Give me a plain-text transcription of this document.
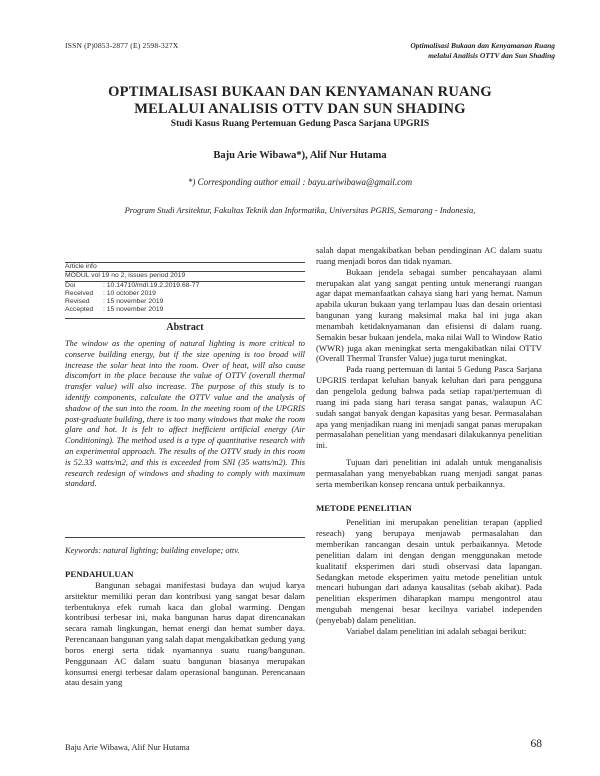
ISSN (P)0853-2877 (E) 2598-327X	Optimalisasi Bukaan dan Kenyamanan Ruang
melalui Analisis OTTV dan Sun Shading
OPTIMALISASI BUKAAN DAN KENYAMANAN RUANG
MELALUI ANALISIS OTTV DAN SUN SHADING
Studi Kasus Ruang Pertemuan Gedung Pasca Sarjana UPGRIS
Baju Arie Wibawa*), Alif Nur Hutama
*) Corresponding author email : bayu.ariwibawa@gmail.com
Program Studi Arsitektur, Fakultas Teknik dan Informatika, Universitas PGRIS, Semarang - Indonesia,
Article info
MODUL vol 19 no 2, issues period 2019
Doi	: 10.14710/mdl.19.2.2019.68-77
Received	: 10 october 2019
Revised	: 15 november 2019
Accepted	: 15 november 2019
Abstract
The window as the opening of natural lighting is more critical to conserve building energy, but if the size opening is too broad will increase the solar heat into the room. Over of heat, will also cause discomfort in the place because the value of OTTV (overall thermal transfer value) will also increase. The purpose of this study is to identify components, calculate the OTTV value and the analysis of shadow of the sun into the room. In the meeting room of the UPGRIS post-graduate building, there is too many windows that make the room glare and hot. It is felt to affect inefficient artificial energy (Air Conditioning). The method used is a type of quantitative research with an experimental approach. The results of the OTTV study in this room is 52.33 watts/m2, and this is exceeded from SNI (35 watts/m2). This research redesign of windows and shading to comply with maximum standard.
Keywords: natural lighting; building envelope; ottv.

PENDAHULUAN

Bangunan sebagai manifestasi budaya dan wujud karya arsitektur memiliki peran dan kontribusi yang sangat besar dalam terbentuknya efek rumah kaca dan global warming. Dengan kontribusi terbesar ini, maka bangunan harus dapat direncanakan secara ramah lingkungan, hemat energi dan hemat sumber daya. Perencanaan bangunan yang salah dapat mengakibatkan gedung yang boros energi serta tidak nyamannya suatu ruang/bangunan. Penggunaan AC dalam suatu bangunan biasanya merupakan konsumsi energi terbesar dalam operasional bangunan. Perencanaan atau desain yang

salah dapat mengakibatkan beban pendinginan AC dalam suatu ruang menjadi boros dan tidak nyaman.

Bukaan jendela sebagai sumber pencahayaan alami merupakan alat yang sangat penting untuk menerangi ruangan agar dapat memanfaatkan cahaya siang hari yang hemat. Namun apabila ukuran bukaan yang terlampau luas dan desain orientasi bangunan yang kurang maksimal maka hal ini juga akan menambah ketidaknyamanan dan efisiensi di dalam ruang. Semakin besar bukaan jendela, maka nilai Wall to Window Ratio (WWR) juga akan meningkat serta mengakibatkan nilai OTTV (Overall Thermal Transfer Value) juga turut meningkat.

Pada ruang pertemuan di lantai 5 Gedung Pasca Sarjana UPGRIS terdapat keluhan banyak keluhan dari para pengguna dan pengelola gedung bahwa pada setiap rapat/pertemuan di ruang ini pada siang hari terasa sangat panas, walaupun AC sudah sangat banyak dengan kapasitas yang besar. Permasalahan apa yang menjadikan ruang ini menjadi sangat panas merupakan permasalahan penelitian yang mendasari dilakukannya penelitian ini.

Tujuan dari penelitian ini adalah untuk menganalisis permasalahan yang menyebabkan ruang menjadi sangat panas serta memberikan konsep rencana untuk perbaikannya.

METODE PENELITIAN

Penelitian ini merupakan penelitian terapan (applied reseach) yang berupaya menjawab permasalahan dan memberikan rancangan desain untuk perbaikannya. Metode penelitian dalam ini dengan dengan menggunakan metode kualitatif eksperimen dari studi observasi data lapangan. Sedangkan metode eksperimen yaitu metode penelitian untuk mencari hubungan dari adanya kausalitas (sebab akibat). Pada penelitian eksperimen diharapkan mampu mengontrol atau mengubah mengenai besar kecilnya variabel independen (penyebab) dalam penelitian.

Variabel dalam penelitian ini adalah sebagai berikut:

Baju Arie Wibawa, Alif Nur Hutama	68
